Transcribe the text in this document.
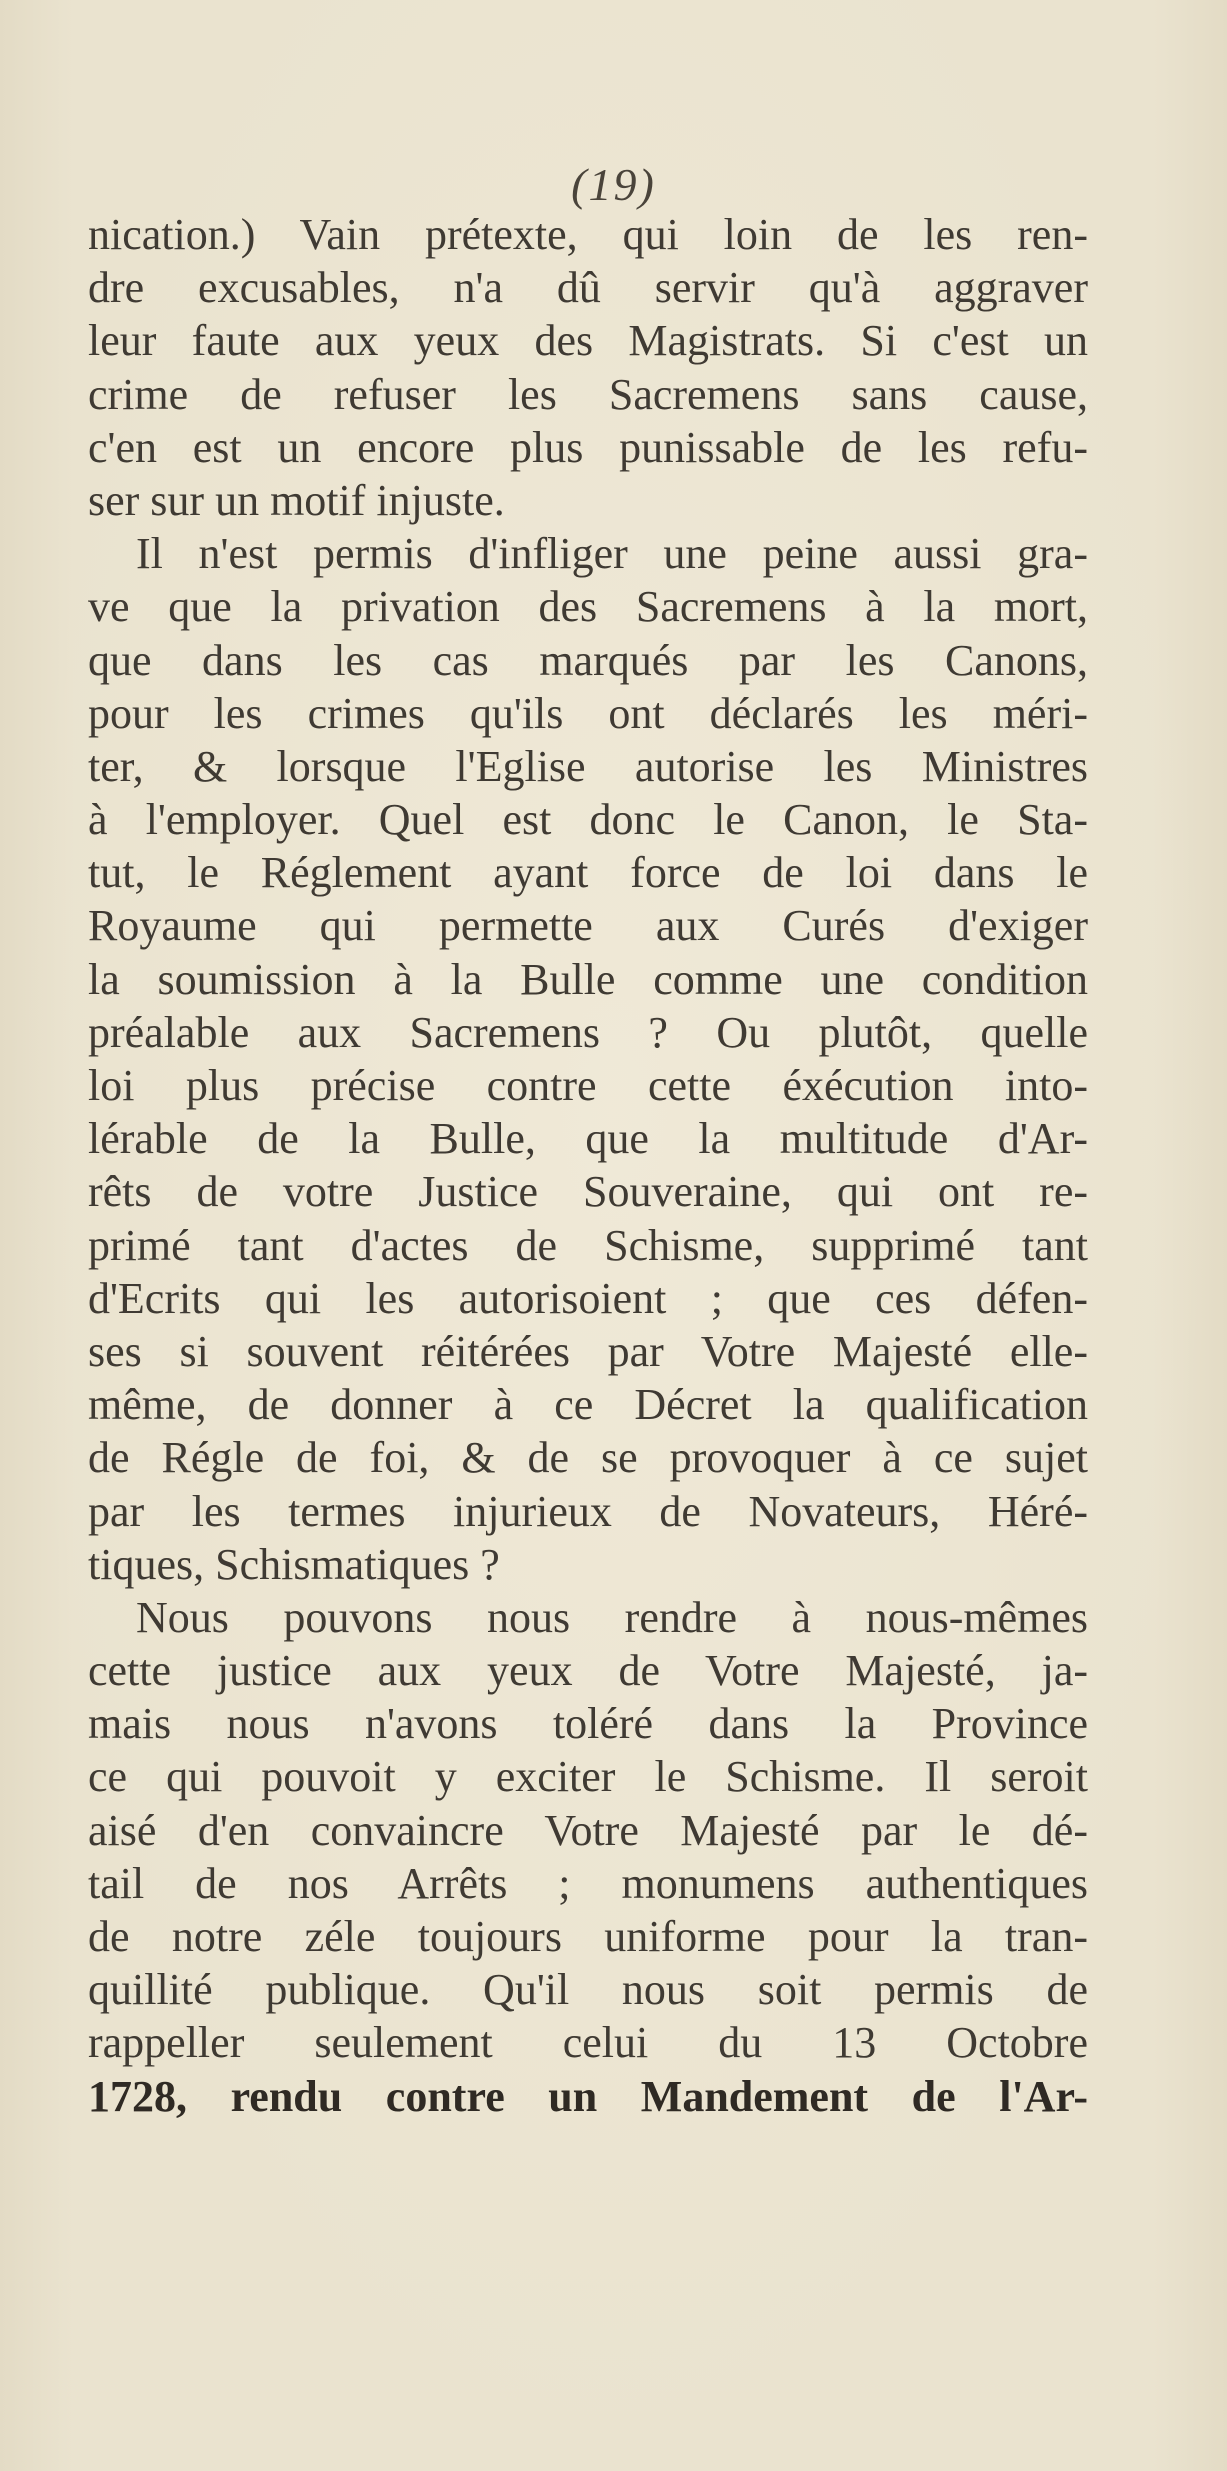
(19)
nication.) Vain prétexte, qui loin de les ren-
dre excusables, n'a dû servir qu'à aggraver
leur faute aux yeux des Magistrats. Si c'est un
crime de refuser les Sacremens sans cause,
c'en est un encore plus punissable de les refu-
ser sur un motif injuste.
Il n'est permis d'infliger une peine aussi gra-
ve que la privation des Sacremens à la mort,
que dans les cas marqués par les Canons,
pour les crimes qu'ils ont déclarés les méri-
ter, & lorsque l'Eglise autorise les Ministres
à l'employer. Quel est donc le Canon, le Sta-
tut, le Réglement ayant force de loi dans le
Royaume qui permette aux Curés d'exiger
la soumission à la Bulle comme une condition
préalable aux Sacremens ? Ou plutôt, quelle
loi plus précise contre cette éxécution into-
lérable de la Bulle, que la multitude d'Ar-
rêts de votre Justice Souveraine, qui ont re-
primé tant d'actes de Schisme, supprimé tant
d'Ecrits qui les autorisoient ; que ces défen-
ses si souvent réitérées par Votre Majesté elle-
même, de donner à ce Décret la qualification
de Régle de foi, & de se provoquer à ce sujet
par les termes injurieux de Novateurs, Héré-
tiques, Schismatiques ?
Nous pouvons nous rendre à nous-mêmes
cette justice aux yeux de Votre Majesté, ja-
mais nous n'avons toléré dans la Province
ce qui pouvoit y exciter le Schisme. Il seroit
aisé d'en convaincre Votre Majesté par le dé-
tail de nos Arrêts ; monumens authentiques
de notre zéle toujours uniforme pour la tran-
quillité publique. Qu'il nous soit permis de
rappeller seulement celui du 13 Octobre
1728, rendu contre un Mandement de l'Ar-
